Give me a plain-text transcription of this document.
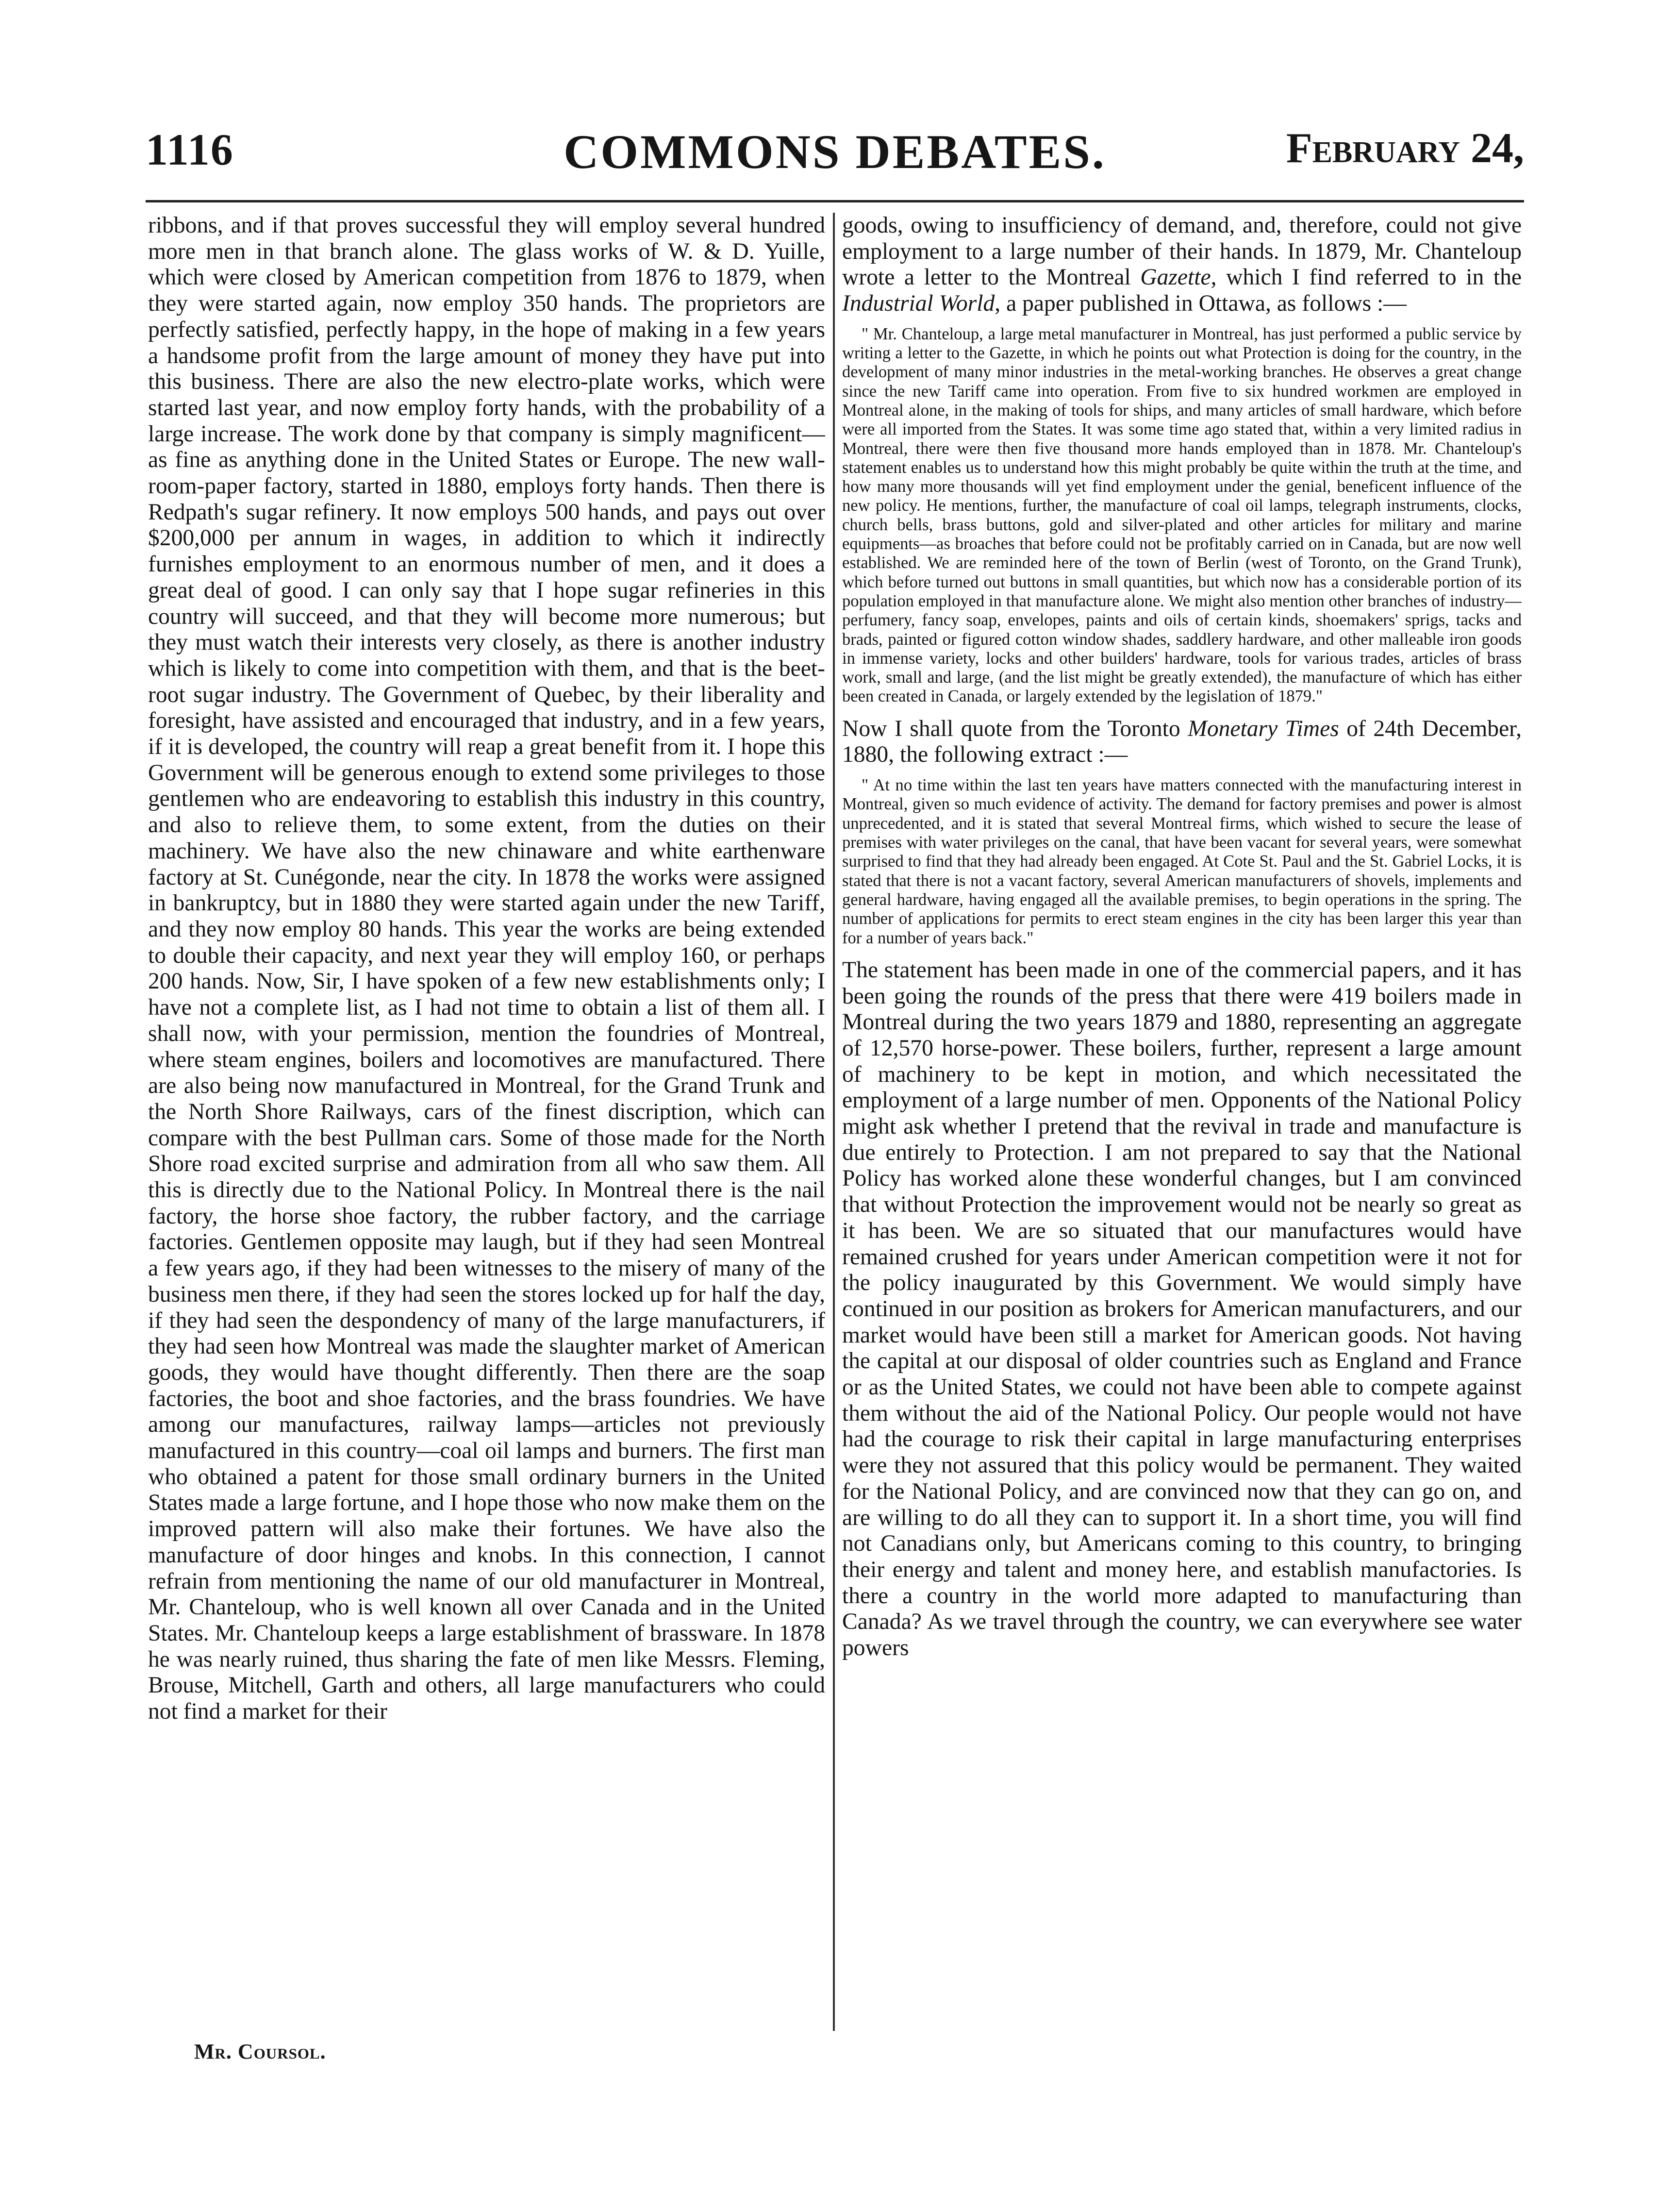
1116	COMMONS DEBATES.	February 24,

ribbons, and if that proves successful they will employ several hundred more men in that branch alone. The glass works of W. & D. Yuille, which were closed by American competition from 1876 to 1879, when they were started again, now employ 350 hands. The proprietors are perfectly satisfied, perfectly happy, in the hope of making in a few years a handsome profit from the large amount of money they have put into this business. There are also the new electro-plate works, which were started last year, and now employ forty hands, with the probability of a large increase. The work done by that company is simply magnificent—as fine as anything done in the United States or Europe. The new wall-room-paper factory, started in 1880, employs forty hands. Then there is Redpath's sugar refinery. It now employs 500 hands, and pays out over $200,000 per annum in wages, in addition to which it indirectly furnishes employment to an enormous number of men, and it does a great deal of good. I can only say that I hope sugar refineries in this country will succeed, and that they will become more numerous; but they must watch their interests very closely, as there is another industry which is likely to come into competition with them, and that is the beet-root sugar industry. The Government of Quebec, by their liberality and foresight, have assisted and encouraged that industry, and in a few years, if it is developed, the country will reap a great benefit from it. I hope this Government will be generous enough to extend some privileges to those gentlemen who are endeavoring to establish this industry in this country, and also to relieve them, to some extent, from the duties on their machinery. We have also the new chinaware and white earthenware factory at St. Cunégonde, near the city. In 1878 the works were assigned in bankruptcy, but in 1880 they were started again under the new Tariff, and they now employ 80 hands. This year the works are being extended to double their capacity, and next year they will employ 160, or perhaps 200 hands. Now, Sir, I have spoken of a few new establishments only; I have not a complete list, as I had not time to obtain a list of them all. I shall now, with your permission, mention the foundries of Montreal, where steam engines, boilers and locomotives are manufactured. There are also being now manufactured in Montreal, for the Grand Trunk and the North Shore Railways, cars of the finest discription, which can compare with the best Pullman cars. Some of those made for the North Shore road excited surprise and admiration from all who saw them. All this is directly due to the National Policy. In Montreal there is the nail factory, the horse shoe factory, the rubber factory, and the carriage factories. Gentlemen opposite may laugh, but if they had seen Montreal a few years ago, if they had been witnesses to the misery of many of the business men there, if they had seen the stores locked up for half the day, if they had seen the despondency of many of the large manufacturers, if they had seen how Montreal was made the slaughter market of American goods, they would have thought differently. Then there are the soap factories, the boot and shoe factories, and the brass foundries. We have among our manufactures, railway lamps—articles not previously manufactured in this country—coal oil lamps and burners. The first man who obtained a patent for those small ordinary burners in the United States made a large fortune, and I hope those who now make them on the improved pattern will also make their fortunes. We have also the manufacture of door hinges and knobs. In this connection, I cannot refrain from mentioning the name of our old manufacturer in Montreal, Mr. Chanteloup, who is well known all over Canada and in the United States. Mr. Chanteloup keeps a large establishment of brassware. In 1878 he was nearly ruined, thus sharing the fate of men like Messrs. Fleming, Brouse, Mitchell, Garth and others, all large manufacturers who could not find a market for their

goods, owing to insufficiency of demand, and, therefore, could not give employment to a large number of their hands. In 1879, Mr. Chanteloup wrote a letter to the Montreal Gazette, which I find referred to in the Industrial World, a paper published in Ottawa, as follows :—

" Mr. Chanteloup, a large metal manufacturer in Montreal, has just performed a public service by writing a letter to the Gazette, in which he points out what Protection is doing for the country, in the development of many minor industries in the metal-working branches. He observes a great change since the new Tariff came into operation. From five to six hundred workmen are employed in Montreal alone, in the making of tools for ships, and many articles of small hardware, which before were all imported from the States. It was some time ago stated that, within a very limited radius in Montreal, there were then five thousand more hands employed than in 1878. Mr. Chanteloup's statement enables us to understand how this might probably be quite within the truth at the time, and how many more thousands will yet find employment under the genial, beneficent influence of the new policy. He mentions, further, the manufacture of coal oil lamps, telegraph instruments, clocks, church bells, brass buttons, gold and silver-plated and other articles for military and marine equipments—as broaches that before could not be profitably carried on in Canada, but are now well established. We are reminded here of the town of Berlin (west of Toronto, on the Grand Trunk), which before turned out buttons in small quantities, but which now has a considerable portion of its population employed in that manufacture alone. We might also mention other branches of industry—perfumery, fancy soap, envelopes, paints and oils of certain kinds, shoemakers' sprigs, tacks and brads, painted or figured cotton window shades, saddlery hardware, and other malleable iron goods in immense variety, locks and other builders' hardware, tools for various trades, articles of brass work, small and large, (and the list might be greatly extended), the manufacture of which has either been created in Canada, or largely extended by the legislation of 1879."

Now I shall quote from the Toronto Monetary Times of 24th December, 1880, the following extract :—

" At no time within the last ten years have matters connected with the manufacturing interest in Montreal, given so much evidence of activity. The demand for factory premises and power is almost unprecedented, and it is stated that several Montreal firms, which wished to secure the lease of premises with water privileges on the canal, that have been vacant for several years, were somewhat surprised to find that they had already been engaged. At Cote St. Paul and the St. Gabriel Locks, it is stated that there is not a vacant factory, several American manufacturers of shovels, implements and general hardware, having engaged all the available premises, to begin operations in the spring. The number of applications for permits to erect steam engines in the city has been larger this year than for a number of years back."

The statement has been made in one of the commercial papers, and it has been going the rounds of the press that there were 419 boilers made in Montreal during the two years 1879 and 1880, representing an aggregate of 12,570 horse-power. These boilers, further, represent a large amount of machinery to be kept in motion, and which necessitated the employment of a large number of men. Opponents of the National Policy might ask whether I pretend that the revival in trade and manufacture is due entirely to Protection. I am not prepared to say that the National Policy has worked alone these wonderful changes, but I am convinced that without Protection the improvement would not be nearly so great as it has been. We are so situated that our manufactures would have remained crushed for years under American competition were it not for the policy inaugurated by this Government. We would simply have continued in our position as brokers for American manufacturers, and our market would have been still a market for American goods. Not having the capital at our disposal of older countries such as England and France or as the United States, we could not have been able to compete against them without the aid of the National Policy. Our people would not have had the courage to risk their capital in large manufacturing enterprises were they not assured that this policy would be permanent. They waited for the National Policy, and are convinced now that they can go on, and are willing to do all they can to support it. In a short time, you will find not Canadians only, but Americans coming to this country, to bringing their energy and talent and money here, and establish manufactories. Is there a country in the world more adapted to manufacturing than Canada? As we travel through the country, we can everywhere see water powers

Mr. Coursol.
